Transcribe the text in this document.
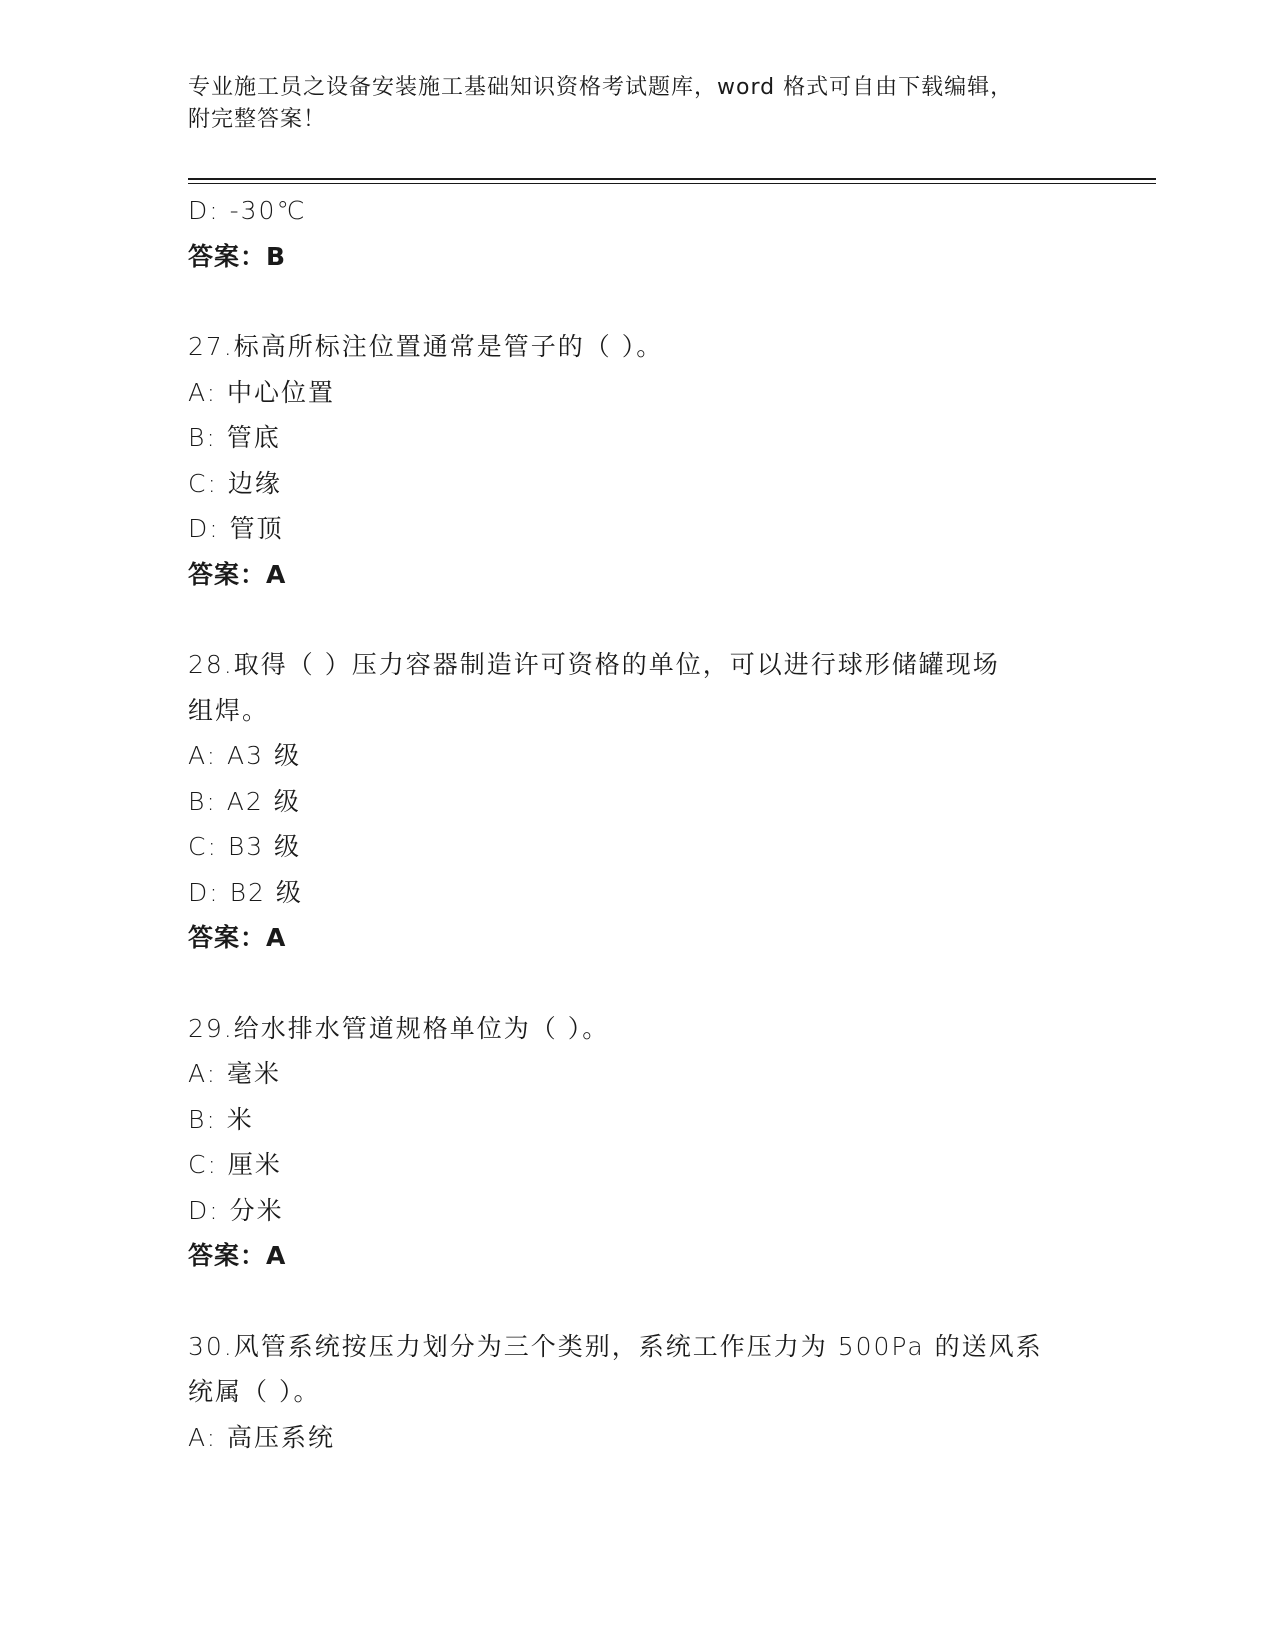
专业施工员之设备安装施工基础知识资格考试题库，word 格式可自由下载编辑，
附完整答案！
D: -30℃
答案：B
27.标高所标注位置通常是管子的（ ）。
A: 中心位置
B: 管底
C: 边缘
D: 管顶
答案：A
28.取得（ ）压力容器制造许可资格的单位，可以进行球形储罐现场
组焊。
A: A3 级
B: A2 级
C: B3 级
D: B2 级
答案：A
29.给水排水管道规格单位为（ ）。
A: 毫米
B: 米
C: 厘米
D: 分米
答案：A
30.风管系统按压力划分为三个类别，系统工作压力为 500Pa 的送风系
统属（ ）。
A: 高压系统
